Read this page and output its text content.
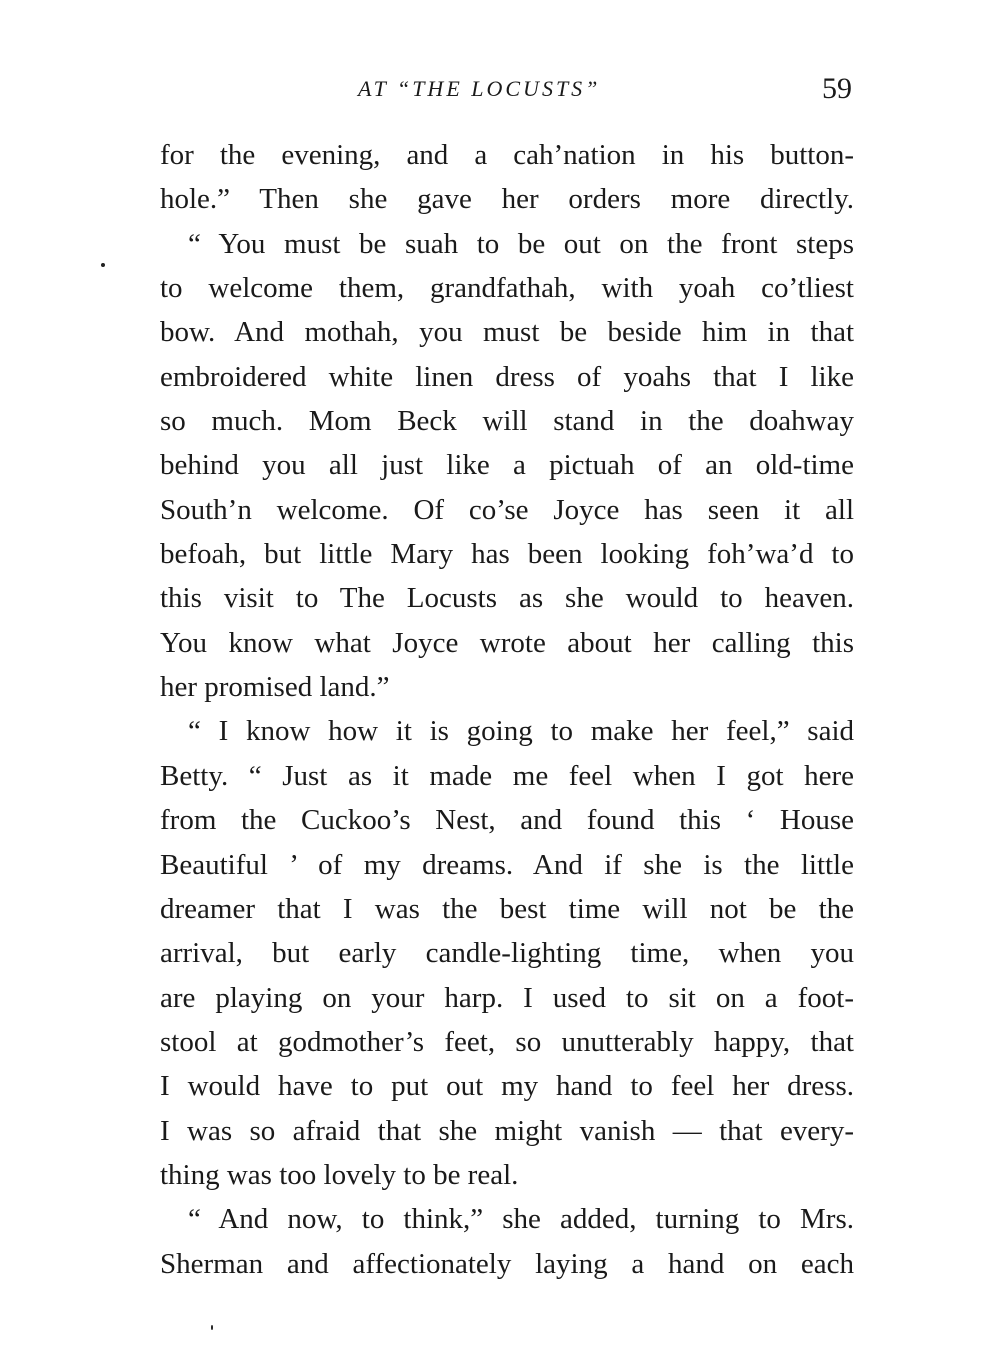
AT “THE LOCUSTS”	59
for the evening, and a cah’nation in his button-
hole.” Then she gave her orders more directly.
“ You must be suah to be out on the front steps
to welcome them, grandfathah, with yoah co’tliest
bow. And mothah, you must be beside him in that
embroidered white linen dress of yoahs that I like
so much. Mom Beck will stand in the doahway
behind you all just like a pictuah of an old-time
South’n welcome. Of co’se Joyce has seen it all
befoah, but little Mary has been looking foh’wa’d to
this visit to The Locusts as she would to heaven.
You know what Joyce wrote about her calling this
her promised land.”
“ I know how it is going to make her feel,” said
Betty. “ Just as it made me feel when I got here
from the Cuckoo’s Nest, and found this ‘ House
Beautiful ’ of my dreams. And if she is the little
dreamer that I was the best time will not be the
arrival, but early candle-lighting time, when you
are playing on your harp. I used to sit on a foot-
stool at godmother’s feet, so unutterably happy, that
I would have to put out my hand to feel her dress.
I was so afraid that she might vanish — that every-
thing was too lovely to be real.
“ And now, to think,” she added, turning to Mrs.
Sherman and affectionately laying a hand on each
